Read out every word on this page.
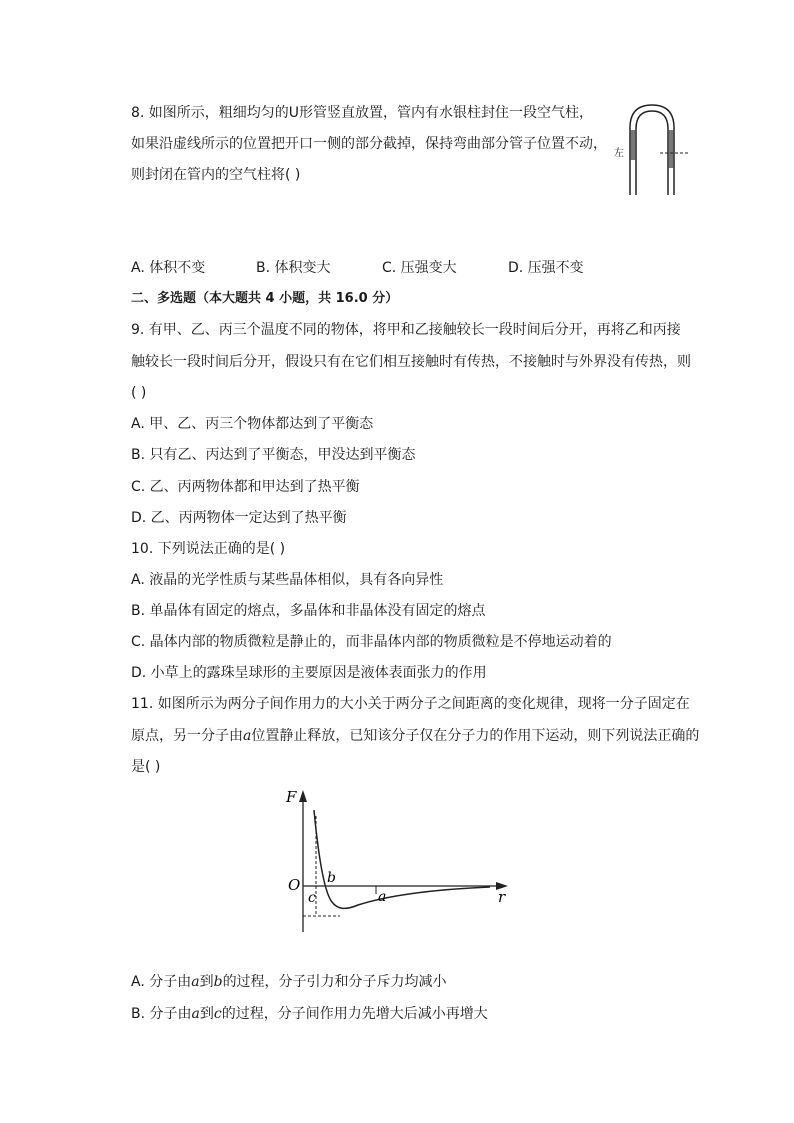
8. 如图所示，粗细均匀的U形管竖直放置，管内有水银柱封住一段空气柱，
如果沿虚线所示的位置把开口一侧的部分截掉，保持弯曲部分管子位置不动，
则封闭在管内的空气柱将( )
左
A. 体积不变	B. 体积变大	C. 压强变大	D. 压强不变
二、多选题（本大题共 4 小题，共 16.0 分）
9. 有甲、乙、丙三个温度不同的物体，将甲和乙接触较长一段时间后分开，再将乙和丙接
触较长一段时间后分开，假设只有在它们相互接触时有传热，不接触时与外界没有传热，则
( )
A. 甲、乙、丙三个物体都达到了平衡态
B. 只有乙、丙达到了平衡态，甲没达到平衡态
C. 乙、丙两物体都和甲达到了热平衡
D. 乙、丙两物体一定达到了热平衡
10. 下列说法正确的是( )
A. 液晶的光学性质与某些晶体相似，具有各向异性
B. 单晶体有固定的熔点，多晶体和非晶体没有固定的熔点
C. 晶体内部的物质微粒是静止的，而非晶体内部的物质微粒是不停地运动着的
D. 小草上的露珠呈球形的主要原因是液体表面张力的作用
11. 如图所示为两分子间作用力的大小关于两分子之间距离的变化规律，现将一分子固定在
原点，另一分子由a位置静止释放，已知该分子仅在分子力的作用下运动，则下列说法正确的
是( )
F
O
r
b
c	a
A. 分子由a到b的过程，分子引力和分子斥力均减小
B. 分子由a到c的过程，分子间作用力先增大后减小再增大
